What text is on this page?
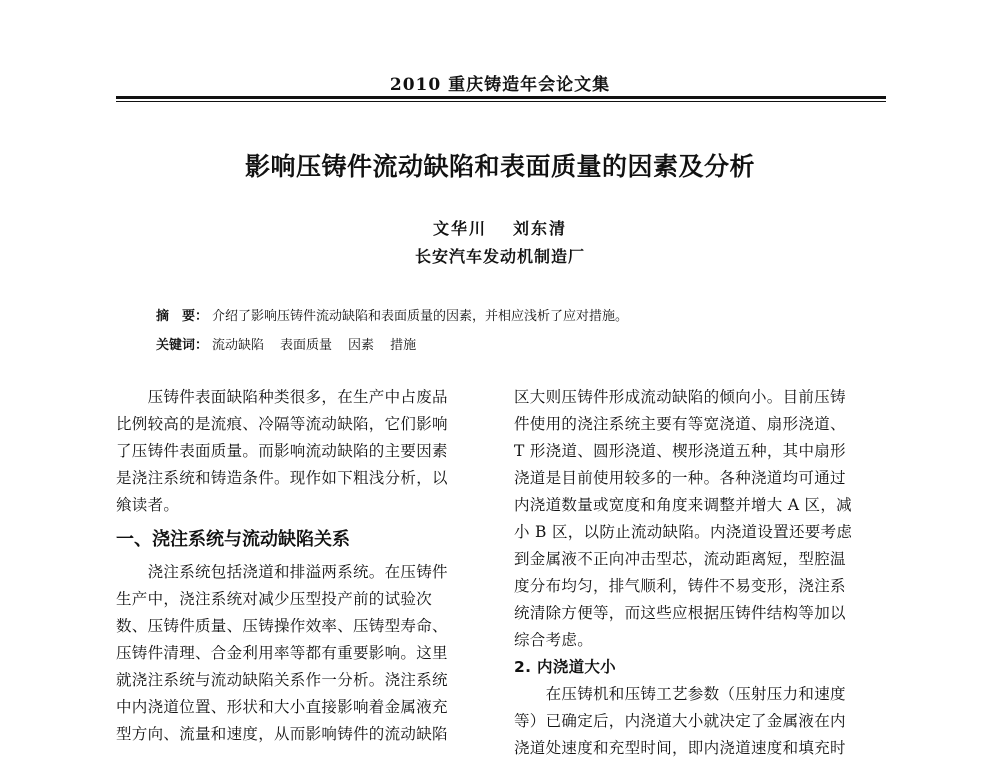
2010 重庆铸造年会论文集
影响压铸件流动缺陷和表面质量的因素及分析
文华川 刘东清
长安汽车发动机制造厂
摘　要： 介绍了影响压铸件流动缺陷和表面质量的因素，并相应浅析了应对措施。
关键词： 流动缺陷 表面质量 因素 措施
　　压铸件表面缺陷种类很多，在生产中占废品
比例较高的是流痕、冷隔等流动缺陷，它们影响
了压铸件表面质量。而影响流动缺陷的主要因素
是浇注系统和铸造条件。现作如下粗浅分析，以
飨读者。
一、浇注系统与流动缺陷关系
　　浇注系统包括浇道和排溢两系统。在压铸件
生产中，浇注系统对减少压型投产前的试验次
数、压铸件质量、压铸操作效率、压铸型寿命、
压铸件清理、合金利用率等都有重要影响。这里
就浇注系统与流动缺陷关系作一分析。浇注系统
中内浇道位置、形状和大小直接影响着金属液充
型方向、流量和速度，从而影响铸件的流动缺陷
区大则压铸件形成流动缺陷的倾向小。目前压铸
件使用的浇注系统主要有等宽浇道、扇形浇道、
T 形浇道、圆形浇道、楔形浇道五种，其中扇形
浇道是目前使用较多的一种。各种浇道均可通过
内浇道数量或宽度和角度来调整并增大 A 区，减
小 B 区，以防止流动缺陷。内浇道设置还要考虑
到金属液不正向冲击型芯，流动距离短，型腔温
度分布均匀，排气顺利，铸件不易变形，浇注系
统清除方便等，而这些应根据压铸件结构等加以
综合考虑。
2. 内浇道大小
　　在压铸机和压铸工艺参数（压射压力和速度
等）已确定后，内浇道大小就决定了金属液在内
浇道处速度和充型时间，即内浇道速度和填充时
